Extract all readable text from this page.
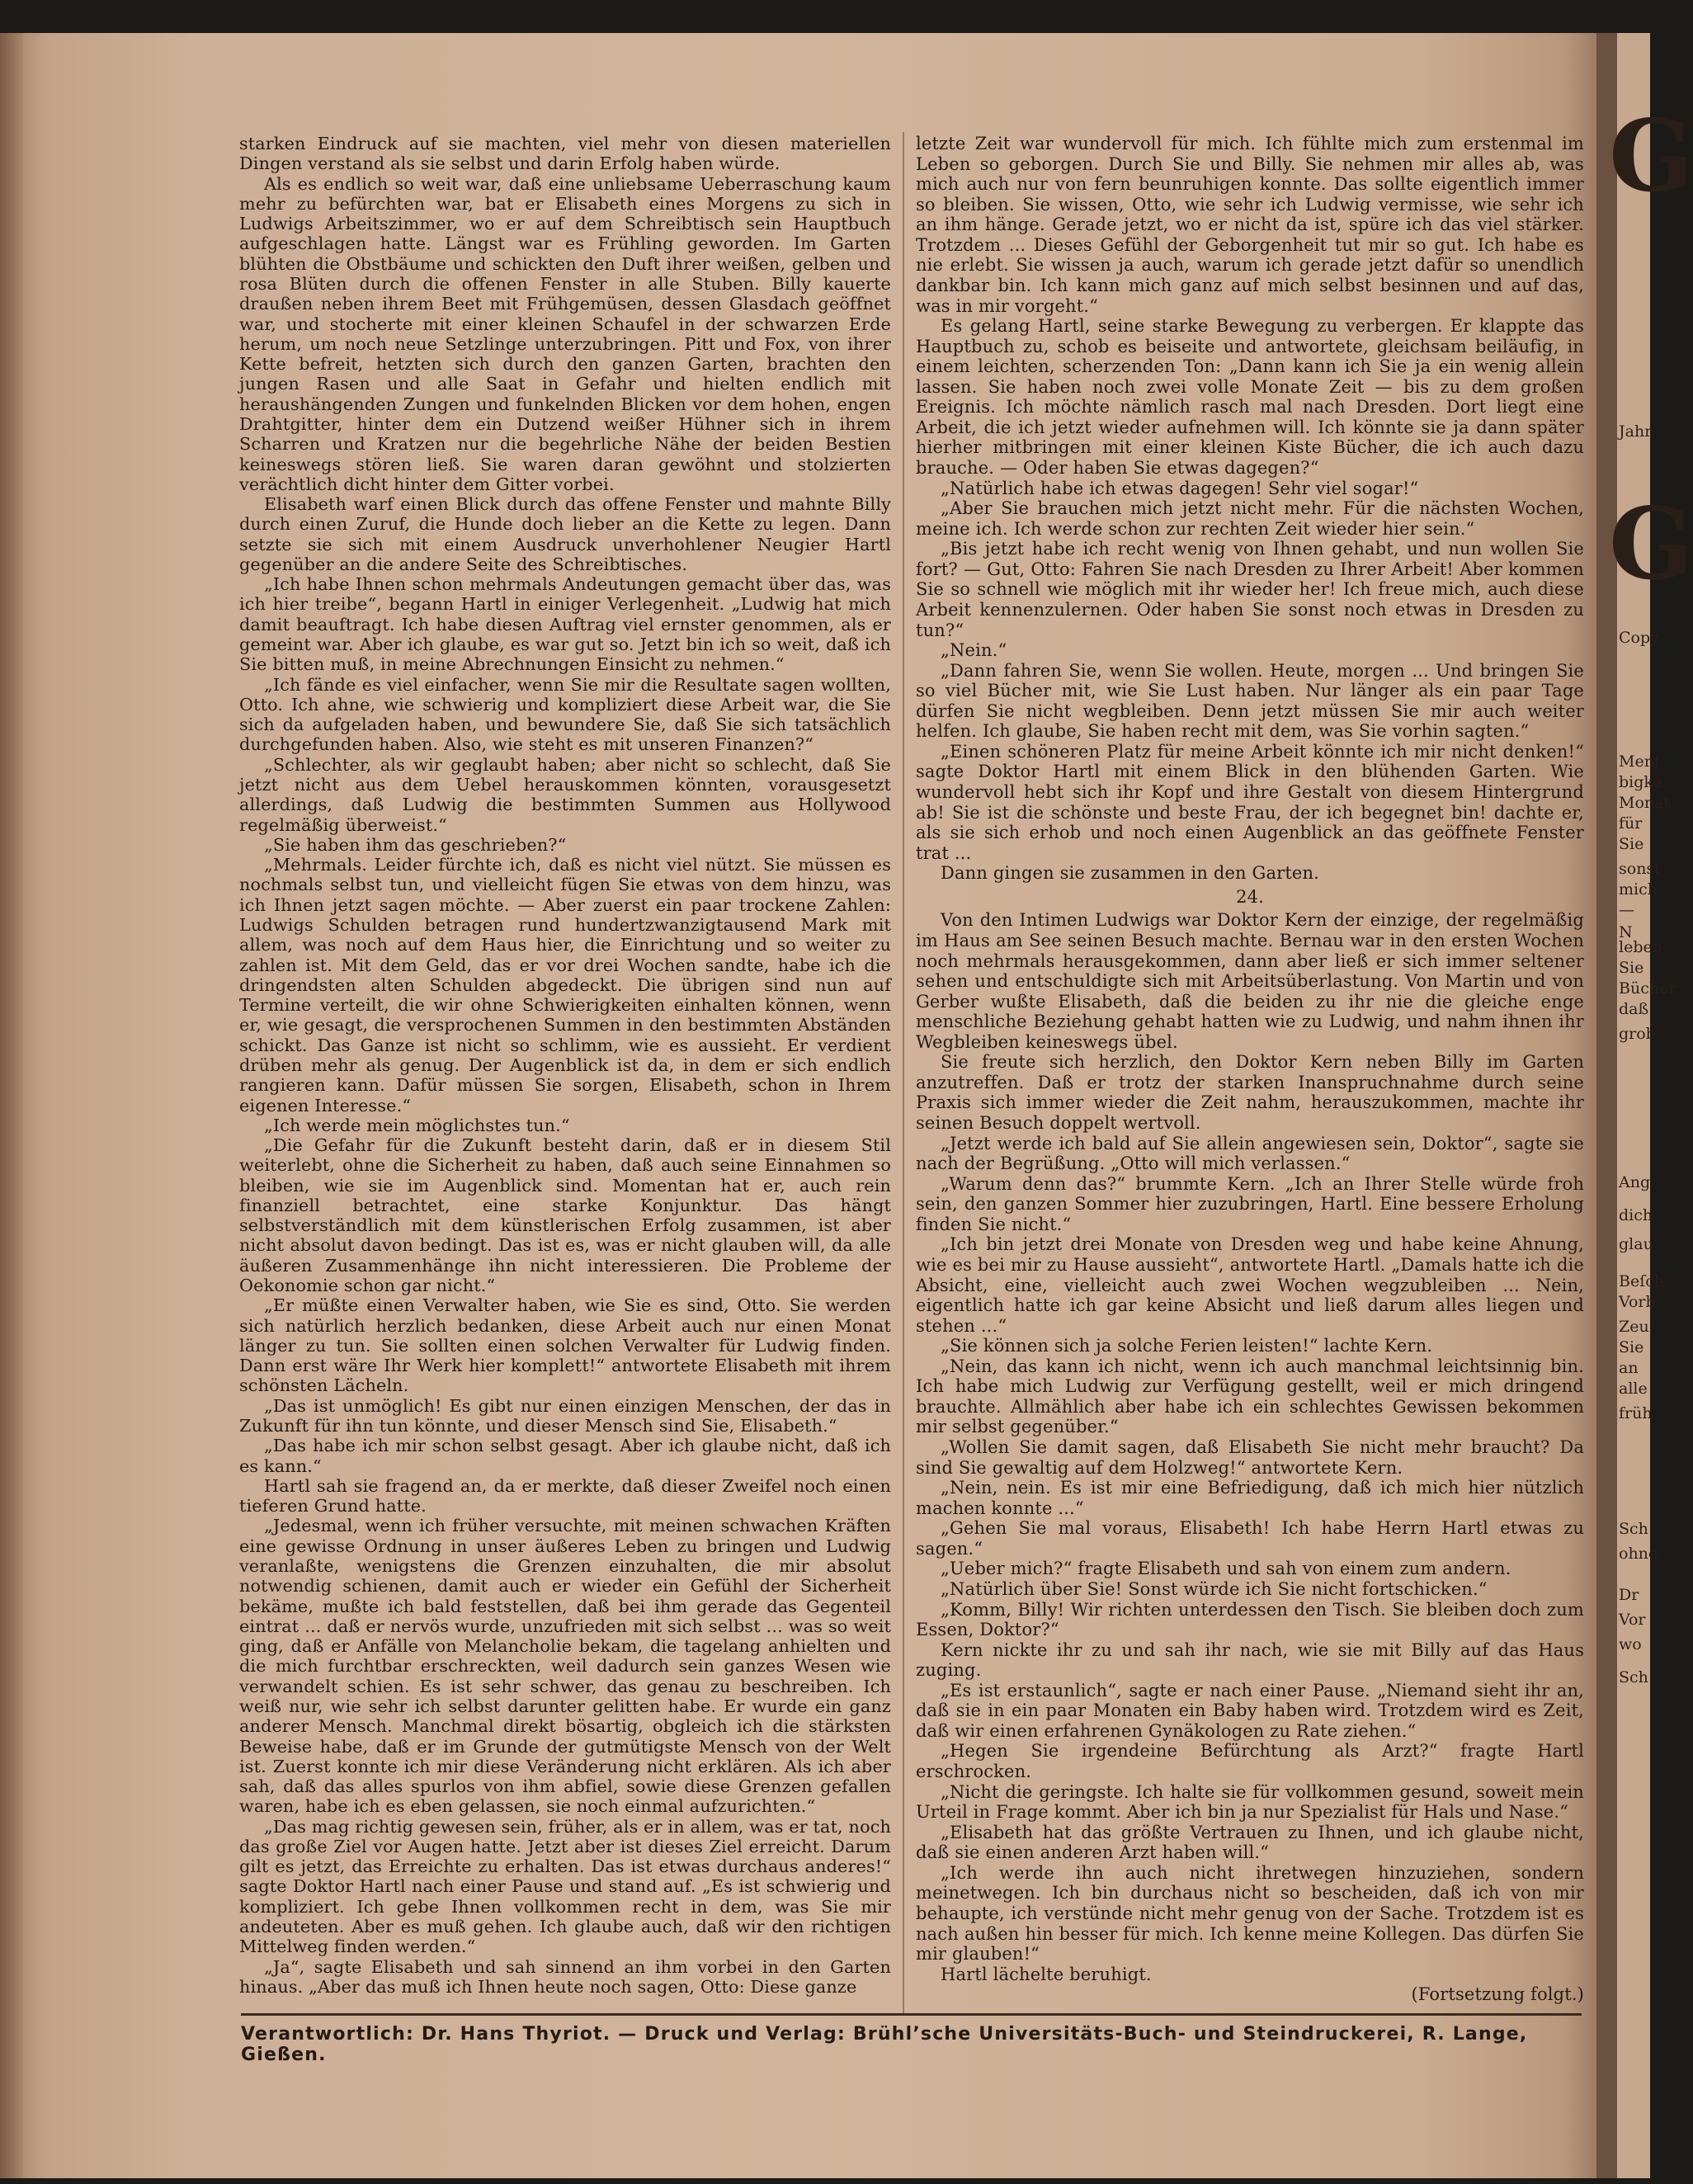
G
G
Jahr
Copy
Menſ
bigke
Monat
für
Sie
sonst
mich
— N
leben
Sie
Bücher
daß
grob
Ang
dich
glau
Beſch
Vorb
Zeu
Sie
an
alle
früh
Sch
ohne
Dr
Vor
wo
Sch

starken Eindruck auf sie machten, viel mehr von diesen materiellen Dingen verstand als sie selbst und darin Erfolg haben würde.

Als es endlich so weit war, daß eine unliebsame Ueberraschung kaum mehr zu befürchten war, bat er Elisabeth eines Morgens zu sich in Ludwigs Arbeitszimmer, wo er auf dem Schreibtisch sein Hauptbuch aufgeschlagen hatte. Längst war es Frühling geworden. Im Garten blühten die Obstbäume und schickten den Duft ihrer weißen, gelben und rosa Blüten durch die offenen Fenster in alle Stuben. Billy kauerte draußen neben ihrem Beet mit Frühgemüsen, dessen Glasdach geöffnet war, und stocherte mit einer kleinen Schaufel in der schwarzen Erde herum, um noch neue Setzlinge unterzubringen. Pitt und Fox, von ihrer Kette befreit, hetzten sich durch den ganzen Garten, brachten den jungen Rasen und alle Saat in Gefahr und hielten endlich mit heraushängenden Zungen und funkelnden Blicken vor dem hohen, engen Drahtgitter, hinter dem ein Dutzend weißer Hühner sich in ihrem Scharren und Kratzen nur die begehrliche Nähe der beiden Bestien keineswegs stören ließ. Sie waren daran gewöhnt und stolzierten verächtlich dicht hinter dem Gitter vorbei.

Elisabeth warf einen Blick durch das offene Fenster und mahnte Billy durch einen Zuruf, die Hunde doch lieber an die Kette zu legen. Dann setzte sie sich mit einem Ausdruck unverhohlener Neugier Hartl gegenüber an die andere Seite des Schreibtisches.

„Ich habe Ihnen schon mehrmals Andeutungen gemacht über das, was ich hier treibe“, begann Hartl in einiger Verlegenheit. „Ludwig hat mich damit beauftragt. Ich habe diesen Auftrag viel ernster genommen, als er gemeint war. Aber ich glaube, es war gut so. Jetzt bin ich so weit, daß ich Sie bitten muß, in meine Abrechnungen Einsicht zu nehmen.“

„Ich fände es viel einfacher, wenn Sie mir die Resultate sagen wollten, Otto. Ich ahne, wie schwierig und kompliziert diese Arbeit war, die Sie sich da aufgeladen haben, und bewundere Sie, daß Sie sich tatsächlich durchgefunden haben. Also, wie steht es mit unseren Finanzen?“

„Schlechter, als wir geglaubt haben; aber nicht so schlecht, daß Sie jetzt nicht aus dem Uebel herauskommen könnten, vorausgesetzt allerdings, daß Ludwig die bestimmten Summen aus Hollywood regelmäßig überweist.“

„Sie haben ihm das geschrieben?“

„Mehrmals. Leider fürchte ich, daß es nicht viel nützt. Sie müssen es nochmals selbst tun, und vielleicht fügen Sie etwas von dem hinzu, was ich Ihnen jetzt sagen möchte. — Aber zuerst ein paar trockene Zahlen: Ludwigs Schulden betragen rund hundertzwanzigtausend Mark mit allem, was noch auf dem Haus hier, die Einrichtung und so weiter zu zahlen ist. Mit dem Geld, das er vor drei Wochen sandte, habe ich die dringendsten alten Schulden abgedeckt. Die übrigen sind nun auf Termine verteilt, die wir ohne Schwierigkeiten einhalten können, wenn er, wie gesagt, die versprochenen Summen in den bestimmten Abständen schickt. Das Ganze ist nicht so schlimm, wie es aussieht. Er verdient drüben mehr als genug. Der Augenblick ist da, in dem er sich endlich rangieren kann. Dafür müssen Sie sorgen, Elisabeth, schon in Ihrem eigenen Interesse.“

„Ich werde mein möglichstes tun.“

„Die Gefahr für die Zukunft besteht darin, daß er in diesem Stil weiterlebt, ohne die Sicherheit zu haben, daß auch seine Einnahmen so bleiben, wie sie im Augenblick sind. Momentan hat er, auch rein finanziell betrachtet, eine starke Konjunktur. Das hängt selbstverständlich mit dem künstlerischen Erfolg zusammen, ist aber nicht absolut davon bedingt. Das ist es, was er nicht glauben will, da alle äußeren Zusammenhänge ihn nicht interessieren. Die Probleme der Oekonomie schon gar nicht.“

„Er müßte einen Verwalter haben, wie Sie es sind, Otto. Sie werden sich natürlich herzlich bedanken, diese Arbeit auch nur einen Monat länger zu tun. Sie sollten einen solchen Verwalter für Ludwig finden. Dann erst wäre Ihr Werk hier komplett!“ antwortete Elisabeth mit ihrem schönsten Lächeln.

„Das ist unmöglich! Es gibt nur einen einzigen Menschen, der das in Zukunft für ihn tun könnte, und dieser Mensch sind Sie, Elisabeth.“

„Das habe ich mir schon selbst gesagt. Aber ich glaube nicht, daß ich es kann.“

Hartl sah sie fragend an, da er merkte, daß dieser Zweifel noch einen tieferen Grund hatte.

„Jedesmal, wenn ich früher versuchte, mit meinen schwachen Kräften eine gewisse Ordnung in unser äußeres Leben zu bringen und Ludwig veranlaßte, wenigstens die Grenzen einzuhalten, die mir absolut notwendig schienen, damit auch er wieder ein Gefühl der Sicherheit bekäme, mußte ich bald feststellen, daß bei ihm gerade das Gegenteil eintrat ... daß er nervös wurde, unzufrieden mit sich selbst ... was so weit ging, daß er Anfälle von Melancholie bekam, die tagelang anhielten und die mich furchtbar erschreckten, weil dadurch sein ganzes Wesen wie verwandelt schien. Es ist sehr schwer, das genau zu beschreiben. Ich weiß nur, wie sehr ich selbst darunter gelitten habe. Er wurde ein ganz anderer Mensch. Manchmal direkt bösartig, obgleich ich die stärksten Beweise habe, daß er im Grunde der gutmütigste Mensch von der Welt ist. Zuerst konnte ich mir diese Veränderung nicht erklären. Als ich aber sah, daß das alles spurlos von ihm abfiel, sowie diese Grenzen gefallen waren, habe ich es eben gelassen, sie noch einmal aufzurichten.“

„Das mag richtig gewesen sein, früher, als er in allem, was er tat, noch das große Ziel vor Augen hatte. Jetzt aber ist dieses Ziel erreicht. Darum gilt es jetzt, das Erreichte zu erhalten. Das ist etwas durchaus anderes!“ sagte Doktor Hartl nach einer Pause und stand auf. „Es ist schwierig und kompliziert. Ich gebe Ihnen vollkommen recht in dem, was Sie mir andeuteten. Aber es muß gehen. Ich glaube auch, daß wir den richtigen Mittelweg finden werden.“

„Ja“, sagte Elisabeth und sah sinnend an ihm vorbei in den Garten hinaus. „Aber das muß ich Ihnen heute noch sagen, Otto: Diese ganze

letzte Zeit war wundervoll für mich. Ich fühlte mich zum erstenmal im Leben so geborgen. Durch Sie und Billy. Sie nehmen mir alles ab, was mich auch nur von fern beunruhigen konnte. Das sollte eigentlich immer so bleiben. Sie wissen, Otto, wie sehr ich Ludwig vermisse, wie sehr ich an ihm hänge. Gerade jetzt, wo er nicht da ist, spüre ich das viel stärker. Trotzdem ... Dieses Gefühl der Geborgenheit tut mir so gut. Ich habe es nie erlebt. Sie wissen ja auch, warum ich gerade jetzt dafür so unendlich dankbar bin. Ich kann mich ganz auf mich selbst besinnen und auf das, was in mir vorgeht.“

Es gelang Hartl, seine starke Bewegung zu verbergen. Er klappte das Hauptbuch zu, schob es beiseite und antwortete, gleichsam beiläufig, in einem leichten, scherzenden Ton: „Dann kann ich Sie ja ein wenig allein lassen. Sie haben noch zwei volle Monate Zeit — bis zu dem großen Ereignis. Ich möchte nämlich rasch mal nach Dresden. Dort liegt eine Arbeit, die ich jetzt wieder aufnehmen will. Ich könnte sie ja dann später hierher mitbringen mit einer kleinen Kiste Bücher, die ich auch dazu brauche. — Oder haben Sie etwas dagegen?“

„Natürlich habe ich etwas dagegen! Sehr viel sogar!“

„Aber Sie brauchen mich jetzt nicht mehr. Für die nächsten Wochen, meine ich. Ich werde schon zur rechten Zeit wieder hier sein.“

„Bis jetzt habe ich recht wenig von Ihnen gehabt, und nun wollen Sie fort? — Gut, Otto: Fahren Sie nach Dresden zu Ihrer Arbeit! Aber kommen Sie so schnell wie möglich mit ihr wieder her! Ich freue mich, auch diese Arbeit kennenzulernen. Oder haben Sie sonst noch etwas in Dresden zu tun?“

„Nein.“

„Dann fahren Sie, wenn Sie wollen. Heute, morgen ... Und bringen Sie so viel Bücher mit, wie Sie Lust haben. Nur länger als ein paar Tage dürfen Sie nicht wegbleiben. Denn jetzt müssen Sie mir auch weiter helfen. Ich glaube, Sie haben recht mit dem, was Sie vorhin sagten.“

„Einen schöneren Platz für meine Arbeit könnte ich mir nicht denken!“ sagte Doktor Hartl mit einem Blick in den blühenden Garten. Wie wundervoll hebt sich ihr Kopf und ihre Gestalt von diesem Hintergrund ab! Sie ist die schönste und beste Frau, der ich begegnet bin! dachte er, als sie sich erhob und noch einen Augenblick an das geöffnete Fenster trat ...

Dann gingen sie zusammen in den Garten.

24.

Von den Intimen Ludwigs war Doktor Kern der einzige, der regelmäßig im Haus am See seinen Besuch machte. Bernau war in den ersten Wochen noch mehrmals herausgekommen, dann aber ließ er sich immer seltener sehen und entschuldigte sich mit Arbeitsüberlastung. Von Martin und von Gerber wußte Elisabeth, daß die beiden zu ihr nie die gleiche enge menschliche Beziehung gehabt hatten wie zu Ludwig, und nahm ihnen ihr Wegbleiben keineswegs übel.

Sie freute sich herzlich, den Doktor Kern neben Billy im Garten anzutreffen. Daß er trotz der starken Inanspruchnahme durch seine Praxis sich immer wieder die Zeit nahm, herauszukommen, machte ihr seinen Besuch doppelt wertvoll.

„Jetzt werde ich bald auf Sie allein angewiesen sein, Doktor“, sagte sie nach der Begrüßung. „Otto will mich verlassen.“

„Warum denn das?“ brummte Kern. „Ich an Ihrer Stelle würde froh sein, den ganzen Sommer hier zuzubringen, Hartl. Eine bessere Erholung finden Sie nicht.“

„Ich bin jetzt drei Monate von Dresden weg und habe keine Ahnung, wie es bei mir zu Hause aussieht“, antwortete Hartl. „Damals hatte ich die Absicht, eine, vielleicht auch zwei Wochen wegzubleiben ... Nein, eigentlich hatte ich gar keine Absicht und ließ darum alles liegen und stehen ...“

„Sie können sich ja solche Ferien leisten!“ lachte Kern.

„Nein, das kann ich nicht, wenn ich auch manchmal leichtsinnig bin. Ich habe mich Ludwig zur Verfügung gestellt, weil er mich dringend brauchte. Allmählich aber habe ich ein schlechtes Gewissen bekommen mir selbst gegenüber.“

„Wollen Sie damit sagen, daß Elisabeth Sie nicht mehr braucht? Da sind Sie gewaltig auf dem Holzweg!“ antwortete Kern.

„Nein, nein. Es ist mir eine Befriedigung, daß ich mich hier nützlich machen konnte ...“

„Gehen Sie mal voraus, Elisabeth! Ich habe Herrn Hartl etwas zu sagen.“

„Ueber mich?“ fragte Elisabeth und sah von einem zum andern.

„Natürlich über Sie! Sonst würde ich Sie nicht fortschicken.“

„Komm, Billy! Wir richten unterdessen den Tisch. Sie bleiben doch zum Essen, Doktor?“

Kern nickte ihr zu und sah ihr nach, wie sie mit Billy auf das Haus zuging.

„Es ist erstaunlich“, sagte er nach einer Pause. „Niemand sieht ihr an, daß sie in ein paar Monaten ein Baby haben wird. Trotzdem wird es Zeit, daß wir einen erfahrenen Gynäkologen zu Rate ziehen.“

„Hegen Sie irgendeine Befürchtung als Arzt?“ fragte Hartl erschrocken.

„Nicht die geringste. Ich halte sie für vollkommen gesund, soweit mein Urteil in Frage kommt. Aber ich bin ja nur Spezialist für Hals und Nase.“

„Elisabeth hat das größte Vertrauen zu Ihnen, und ich glaube nicht, daß sie einen anderen Arzt haben will.“

„Ich werde ihn auch nicht ihretwegen hinzuziehen, sondern meinetwegen. Ich bin durchaus nicht so bescheiden, daß ich von mir behaupte, ich verstünde nicht mehr genug von der Sache. Trotzdem ist es nach außen hin besser für mich. Ich kenne meine Kollegen. Das dürfen Sie mir glauben!“

Hartl lächelte beruhigt.

(Fortsetzung folgt.)

Verantwortlich: Dr. Hans Thyriot. — Druck und Verlag: Brühl’sche Universitäts-Buch- und Steindruckerei, R. Lange, Gießen.
